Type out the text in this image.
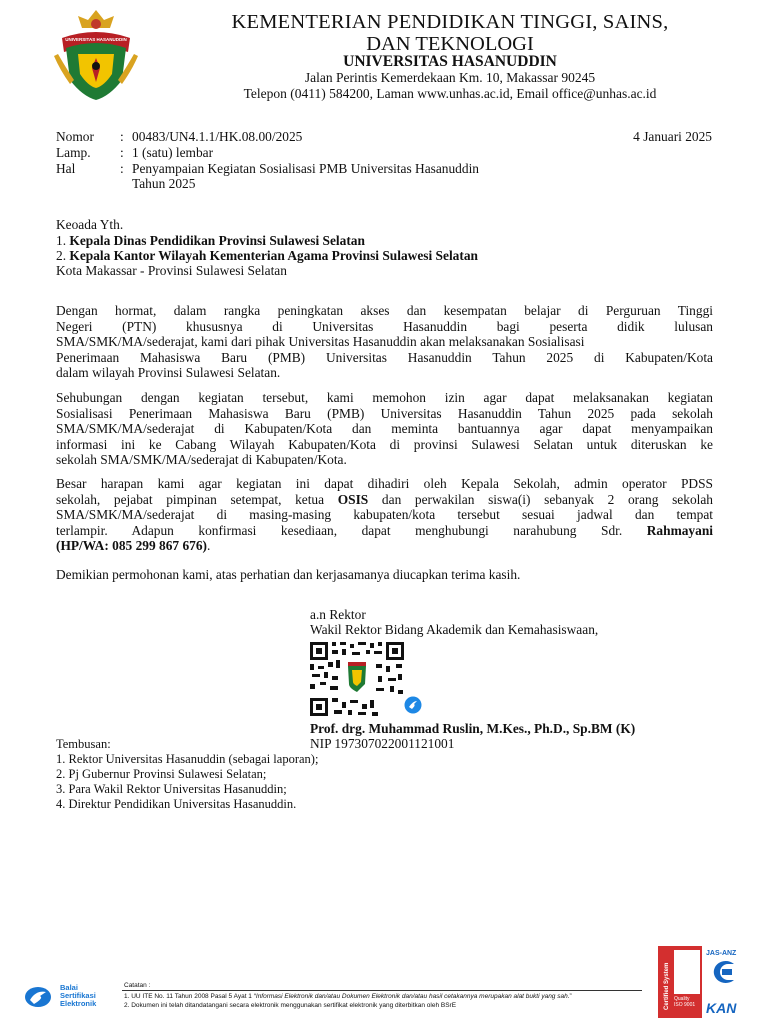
UNIVERSITAS HASANUDDIN
KEMENTERIAN PENDIDIKAN TINGGI, SAINS,
DAN TEKNOLOGI
UNIVERSITAS HASANUDDIN
Jalan Perintis Kemerdekaan Km. 10, Makassar 90245
Telepon (0411) 584200, Laman www.unhas.ac.id, Email office@unhas.ac.id
Nomor : 00483/UN4.1.1/HK.08.00/2025	4 Januari 2025
Lamp. : 1 (satu) lembar
Hal	: Penyampaian Kegiatan Sosialisasi PMB Universitas Hasanuddin
Tahun 2025
Keoada Yth.
1. Kepala Dinas Pendidikan Provinsi Sulawesi Selatan
2. Kepala Kantor Wilayah Kementerian Agama Provinsi Sulawesi Selatan
Kota Makassar - Provinsi Sulawesi Selatan
Dengan hormat, dalam rangka peningkatan akses dan kesempatan belajar di Perguruan Tinggi
Negeri (PTN) khususnya di Universitas Hasanuddin bagi peserta didik lulusan
SMA/SMK/MA/sederajat, kami dari pihak Universitas Hasanuddin akan melaksanakan Sosialisasi
Penerimaan Mahasiswa Baru (PMB) Universitas Hasanuddin Tahun 2025 di Kabupaten/Kota
dalam wilayah Provinsi Sulawesi Selatan.
Sehubungan dengan kegiatan tersebut, kami memohon izin agar dapat melaksanakan kegiatan
Sosialisasi Penerimaan Mahasiswa Baru (PMB) Universitas Hasanuddin Tahun 2025 pada sekolah
SMA/SMK/MA/sederajat di Kabupaten/Kota dan meminta bantuannya agar dapat menyampaikan
informasi ini ke Cabang Wilayah Kabupaten/Kota di provinsi Sulawesi Selatan untuk diteruskan ke
sekolah SMA/SMK/MA/sederajat di Kabupaten/Kota.
Besar harapan kami agar kegiatan ini dapat dihadiri oleh Kepala Sekolah, admin operator PDSS
sekolah, pejabat pimpinan setempat, ketua OSIS dan perwakilan siswa(i) sebanyak 2 orang sekolah
SMA/SMK/MA/sederajat di masing-masing kabupaten/kota tersebut sesuai jadwal dan tempat
terlampir. Adapun konfirmasi kesediaan, dapat menghubungi narahubung Sdr. Rahmayani
(HP/WA: 085 299 867 676).
Demikian permohonan kami, atas perhatian dan kerjasamanya diucapkan terima kasih.
a.n Rektor
Wakil Rektor Bidang Akademik dan Kemahasiswaan,
Prof. drg. Muhammad Ruslin, M.Kes., Ph.D., Sp.BM (K)
NIP 197307022001121001
Tembusan:
1. Rektor Universitas Hasanuddin (sebagai laporan);
2. Pj Gubernur Provinsi Sulawesi Selatan;
3. Para Wakil Rektor Universitas Hasanuddin;
4. Direktur Pendidikan Universitas Hasanuddin.
Balai
Sertifikasi
Elektronik
Catatan :
1. UU ITE No. 11 Tahun 2008 Pasal 5 Ayat 1 “Informasi Elektronik dan/atau Dokumen Elektronik dan/atau hasil cetakannya merupakan alat bukti yang sah.”
2. Dokumen ini telah ditandatangani secara elektronik menggunakan sertifikat elektronik yang diterbitkan oleh BSrE	Certified System Quality
ISO 9001
JAS-ANZ
KAN
